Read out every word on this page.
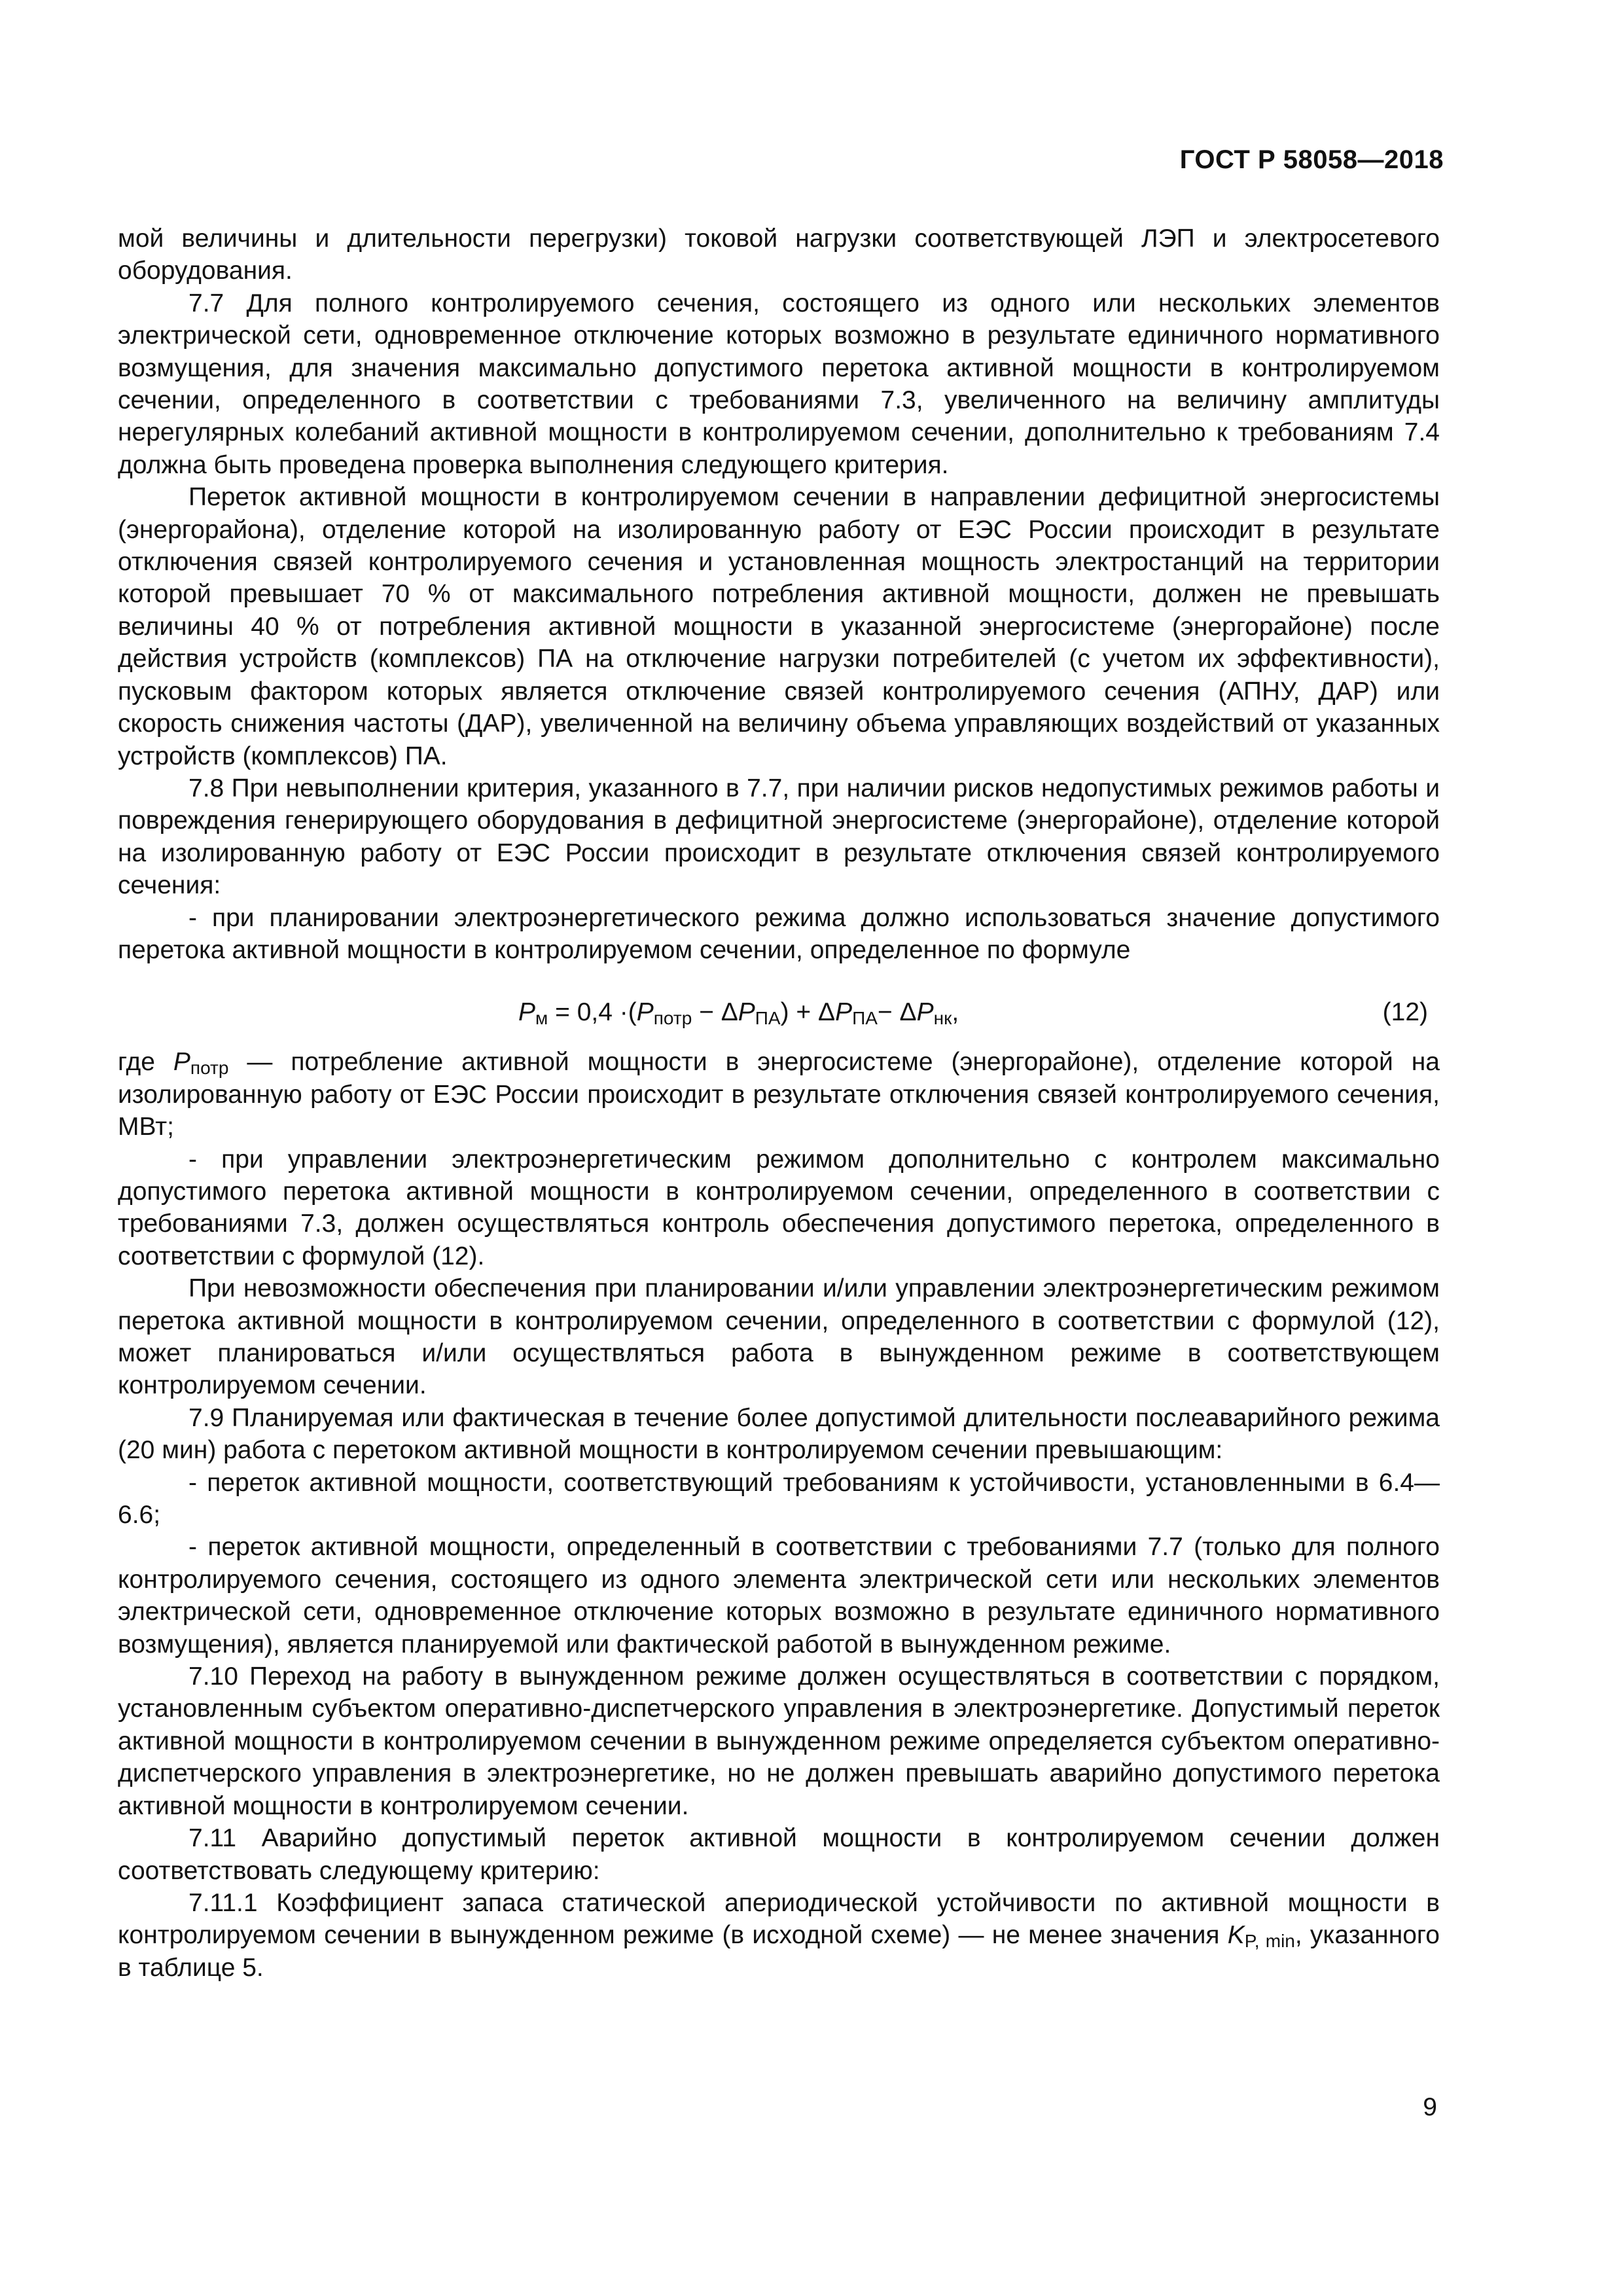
ГОСТ Р 58058—2018

мой величины и длительности перегрузки) токовой нагрузки соответствующей ЛЭП и электросетевого оборудования.

7.7 Для полного контролируемого сечения, состоящего из одного или нескольких элементов электрической сети, одновременное отключение которых возможно в результате единичного нормативного возмущения, для значения максимально допустимого перетока активной мощности в контролируемом сечении, определенного в соответствии с требованиями 7.3, увеличенного на величину амплитуды нерегулярных колебаний активной мощности в контролируемом сечении, дополнительно к требованиям 7.4 должна быть проведена проверка выполнения следующего критерия.

Переток активной мощности в контролируемом сечении в направлении дефицитной энергосистемы (энергорайона), отделение которой на изолированную работу от ЕЭС России происходит в результате отключения связей контролируемого сечения и установленная мощность электростанций на территории которой превышает 70 % от максимального потребления активной мощности, должен не превышать величины 40 % от потребления активной мощности в указанной энергосистеме (энергорайоне) после действия устройств (комплексов) ПА на отключение нагрузки потребителей (с учетом их эффективности), пусковым фактором которых является отключение связей контролируемого сечения (АПНУ, ДАР) или скорость снижения частоты (ДАР), увеличенной на величину объема управляющих воздействий от указанных устройств (комплексов) ПА.

7.8 При невыполнении критерия, указанного в 7.7, при наличии рисков недопустимых режимов работы и повреждения генерирующего оборудования в дефицитной энергосистеме (энергорайоне), отделение которой на изолированную работу от ЕЭС России происходит в результате отключения связей контролируемого сечения:

- при планировании электроэнергетического режима должно использоваться значение допустимого перетока активной мощности в контролируемом сечении, определенное по формуле

$P_м = 0,4 \cdot(P_{потр} - \Delta P_{ПА}) + \Delta P_{ПА}- \Delta P_{нк}$,	(12)

где $P_{потр}$ — потребление активной мощности в энергосистеме (энергорайоне), отделение которой на изолированную работу от ЕЭС России происходит в результате отключения связей контролируемого сечения, МВт;

- при управлении электроэнергетическим режимом дополнительно с контролем максимально допустимого перетока активной мощности в контролируемом сечении, определенного в соответствии с требованиями 7.3, должен осуществляться контроль обеспечения допустимого перетока, определенного в соответствии с формулой (12).

При невозможности обеспечения при планировании и/или управлении электроэнергетическим режимом перетока активной мощности в контролируемом сечении, определенного в соответствии с формулой (12), может планироваться и/или осуществляться работа в вынужденном режиме в соответствующем контролируемом сечении.

7.9 Планируемая или фактическая в течение более допустимой длительности послеаварийного режима (20 мин) работа с перетоком активной мощности в контролируемом сечении превышающим:

- переток активной мощности, соответствующий требованиям к устойчивости, установленными в 6.4—6.6;

- переток активной мощности, определенный в соответствии с требованиями 7.7 (только для полного контролируемого сечения, состоящего из одного элемента электрической сети или нескольких элементов электрической сети, одновременное отключение которых возможно в результате единичного нормативного возмущения), является планируемой или фактической работой в вынужденном режиме.

7.10 Переход на работу в вынужденном режиме должен осуществляться в соответствии с порядком, установленным субъектом оперативно-диспетчерского управления в электроэнергетике. Допустимый переток активной мощности в контролируемом сечении в вынужденном режиме определяется субъектом оперативно-диспетчерского управления в электроэнергетике, но не должен превышать аварийно допустимого перетока активной мощности в контролируемом сечении.

7.11 Аварийно допустимый переток активной мощности в контролируемом сечении должен соответствовать следующему критерию:

7.11.1 Коэффициент запаса статической апериодической устойчивости по активной мощности в контролируемом сечении в вынужденном режиме (в исходной схеме) — не менее значения $K_{P, min}$, указанного в таблице 5.

9
